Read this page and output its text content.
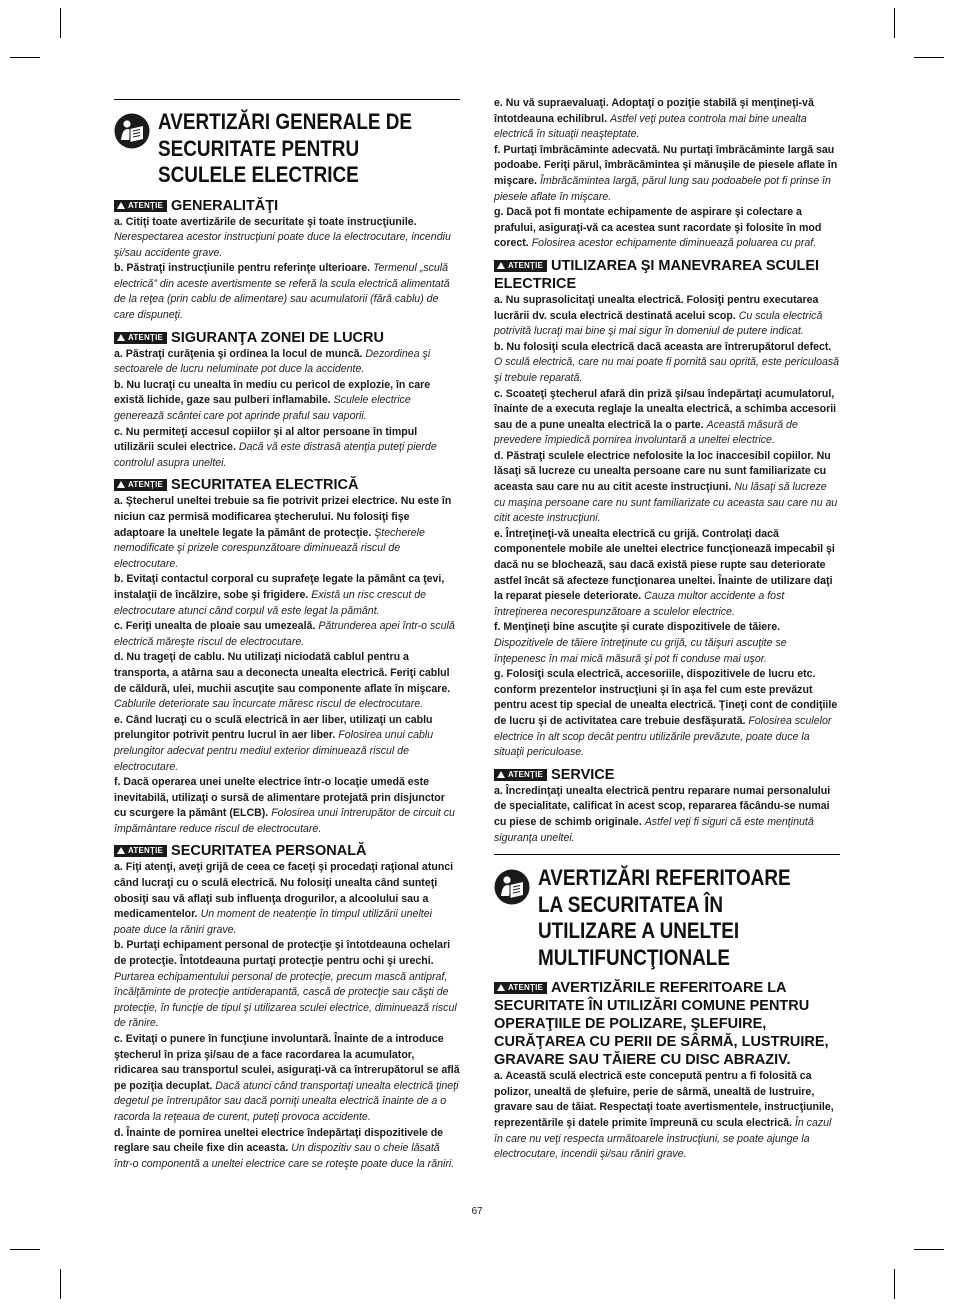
AVERTIZĂRI GENERALE DE SECURITATE PENTRU SCULELE ELECTRICE
ATENŢIE GENERALITĂŢI

a. Citiţi toate avertizările de securitate şi toate instrucţiunile. Nerespectarea acestor instrucţiuni poate duce la electrocutare, incendiu şi/sau accidente grave.

b. Păstraţi instrucţiunile pentru referinţe ulterioare. Termenul „sculă electrică” din aceste avertismente se referă la scula electrică alimentată de la reţea (prin cablu de alimentare) sau acumulatorii (fără cablu) de care dispuneţi.

ATENŢIE SIGURANŢA ZONEI DE LUCRU

a. Păstraţi curăţenia şi ordinea la locul de muncă. Dezordinea şi sectoarele de lucru neluminate pot duce la accidente.

b. Nu lucraţi cu unealta în mediu cu pericol de explozie, în care există lichide, gaze sau pulberi inflamabile. Sculele electrice generează scântei care pot aprinde praful sau vaporii.

c. Nu permiteţi accesul copiilor şi al altor persoane în timpul utilizării sculei electrice. Dacă vă este distrasă atenţia puteţi pierde controlul asupra uneltei.

ATENŢIE SECURITATEA ELECTRICĂ

a. Ştecherul uneltei trebuie sa fie potrivit prizei electrice. Nu este în niciun caz permisă modificarea ştecherului. Nu folosiţi fişe adaptoare la uneltele legate la pământ de protecţie. Ştecherele nemodificate şi prizele corespunzătoare diminuează riscul de electrocutare.

b. Evitaţi contactul corporal cu suprafeţe legate la pământ ca ţevi, instalaţii de încălzire, sobe şi frigidere. Există un risc crescut de electrocutare atunci când corpul vă este legat la pământ.

c. Feriţi unealta de ploaie sau umezeală. Pătrunderea apei într-o sculă electrică măreşte riscul de electrocutare.

d. Nu trageţi de cablu. Nu utilizaţi niciodată cablul pentru a transporta, a atârna sau a deconecta unealta electrică. Feriţi cablul de căldură, ulei, muchii ascuţite sau componente aflate în mişcare. Cablurile deteriorate sau încurcate măresc riscul de electrocutare.

e. Când lucraţi cu o sculă electrică în aer liber, utilizaţi un cablu prelungitor potrivit pentru lucrul în aer liber. Folosirea unui cablu prelungitor adecvat pentru mediul exterior diminuează riscul de electrocutare.

f. Dacă operarea unei unelte electrice într-o locaţie umedă este inevitabilă, utilizaţi o sursă de alimentare protejată prin disjunctor cu scurgere la pământ (ELCB). Folosirea unui întrerupător de circuit cu împământare reduce riscul de electrocutare.

ATENŢIE SECURITATEA PERSONALĂ

a. Fiţi atenţi, aveţi grijă de ceea ce faceţi şi procedaţi raţional atunci când lucraţi cu o sculă electrică. Nu folosiţi unealta când sunteţi obosiţi sau vă aflaţi sub influenţa drogurilor, a alcoolului sau a medicamentelor. Un moment de neatenţie în timpul utilizării uneltei poate duce la răniri grave.

b. Purtaţi echipament personal de protecţie şi întotdeauna ochelari de protecţie. Întotdeauna purtaţi protecţie pentru ochi şi urechi. Purtarea echipamentului personal de protecţie, precum mască antipraf, încălţăminte de protecţie antiderapantă, cască de protecţie sau căşti de protecţie, în funcţie de tipul şi utilizarea sculei electrice, diminuează riscul de rănire.

c. Evitaţi o punere în funcţiune involuntară. Înainte de a introduce ştecherul în priza şi/sau de a face racordarea la acumulator, ridicarea sau transportul sculei, asiguraţi-vă ca întrerupătorul se află pe poziţia decuplat. Dacă atunci când transportaţi unealta electrică ţineţi degetul pe întrerupător sau dacă porniţi unealta electrică înainte de a o racorda la reţeaua de curent, puteţi provoca accidente.

d. Înainte de pornirea uneltei electrice îndepărtaţi dispozitivele de reglare sau cheile fixe din aceasta. Un dispozitiv sau o cheie lăsată într-o componentă a uneltei electrice care se roteşte poate duce la răniri.

e. Nu vă supraevaluaţi. Adoptaţi o poziţie stabilă şi menţineţi-vă întotdeauna echilibrul. Astfel veţi putea controla mai bine unealta electrică în situaţii neaşteptate.

f. Purtaţi îmbrăcăminte adecvată. Nu purtaţi îmbrăcăminte largă sau podoabe. Feriţi părul, îmbrăcămintea şi mănuşile de piesele aflate în mişcare. Îmbrăcămintea largă, părul lung sau podoabele pot fi prinse în piesele aflate în mişcare.

g. Dacă pot fi montate echipamente de aspirare şi colectare a prafului, asiguraţi-vă ca acestea sunt racordate şi folosite în mod corect. Folosirea acestor echipamente diminuează poluarea cu praf.

ATENŢIE UTILIZAREA ŞI MANEVRAREA SCULEI ELECTRICE

a. Nu suprasolicitaţi unealta electrică. Folosiţi pentru executarea lucrării dv. scula electrică destinată acelui scop. Cu scula electrică potrivită lucraţi mai bine şi mai sigur în domeniul de putere indicat.

b. Nu folosiţi scula electrică dacă aceasta are întrerupătorul defect. O sculă electrică, care nu mai poate fi pornită sau oprită, este periculoasă şi trebuie reparată.

c. Scoateţi ştecherul afară din priză şi/sau îndepărtaţi acumulatorul, înainte de a executa reglaje la unealta electrică, a schimba accesorii sau de a pune unealta electrică la o parte. Această măsură de prevedere împiedică pornirea involuntară a uneltei electrice.

d. Păstraţi sculele electrice nefolosite la loc inaccesibil copiilor. Nu lăsaţi să lucreze cu unealta persoane care nu sunt familiarizate cu aceasta sau care nu au citit aceste instrucţiuni. Nu lăsaţi să lucreze cu maşina persoane care nu sunt familiarizate cu aceasta sau care nu au citit aceste instrucţiuni.

e. Întreţineţi-vă unealta electrică cu grijă. Controlaţi dacă componentele mobile ale uneltei electrice funcţionează impecabil şi dacă nu se blochează, sau dacă există piese rupte sau deteriorate astfel încât să afecteze funcţionarea uneltei. Înainte de utilizare daţi la reparat piesele deteriorate. Cauza multor accidente a fost întreţinerea necorespunzătoare a sculelor electrice.

f. Menţineţi bine ascuţite şi curate dispozitivele de tăiere. Dispozitivele de tăiere întreţinute cu grijă, cu tăişuri ascuţite se înţepenesc în mai mică măsură şi pot fi conduse mai uşor.

g. Folosiţi scula electrică, accesoriile, dispozitivele de lucru etc. conform prezentelor instrucţiuni şi în aşa fel cum este prevăzut pentru acest tip special de unealta electrică. Ţineţi cont de condiţiile de lucru şi de activitatea care trebuie desfăşurată. Folosirea sculelor electrice în alt scop decât pentru utilizările prevăzute, poate duce la situaţii periculoase.

ATENŢIE SERVICE

a. Încredinţaţi unealta electrică pentru reparare numai personalului de specialitate, calificat în acest scop, repararea făcându-se numai cu piese de schimb originale. Astfel veţi fi siguri că este menţinută siguranţa uneltei.

AVERTIZĂRI REFERITOARE LA SECURITATEA ÎN UTILIZARE A UNELTEI MULTIFUNCŢIONALE
ATENŢIE AVERTIZĂRILE REFERITOARE LA SECURITATE ÎN UTILIZĂRI COMUNE PENTRU OPERAŢIILE DE POLIZARE, ŞLEFUIRE, CURĂŢAREA CU PERII DE SÂRMĂ, LUSTRUIRE, GRAVARE SAU TĂIERE CU DISC ABRAZIV.

a. Această sculă electrică este concepută pentru a fi folosită ca polizor, unealtă de şlefuire, perie de sârmă, unealtă de lustruire, gravare sau de tăiat. Respectaţi toate avertismentele, instrucţiunile, reprezentările şi datele primite împreună cu scula electrică. În cazul în care nu veţi respecta următoarele instrucţiuni, se poate ajunge la electrocutare, incendii şi/sau răniri grave.

67
